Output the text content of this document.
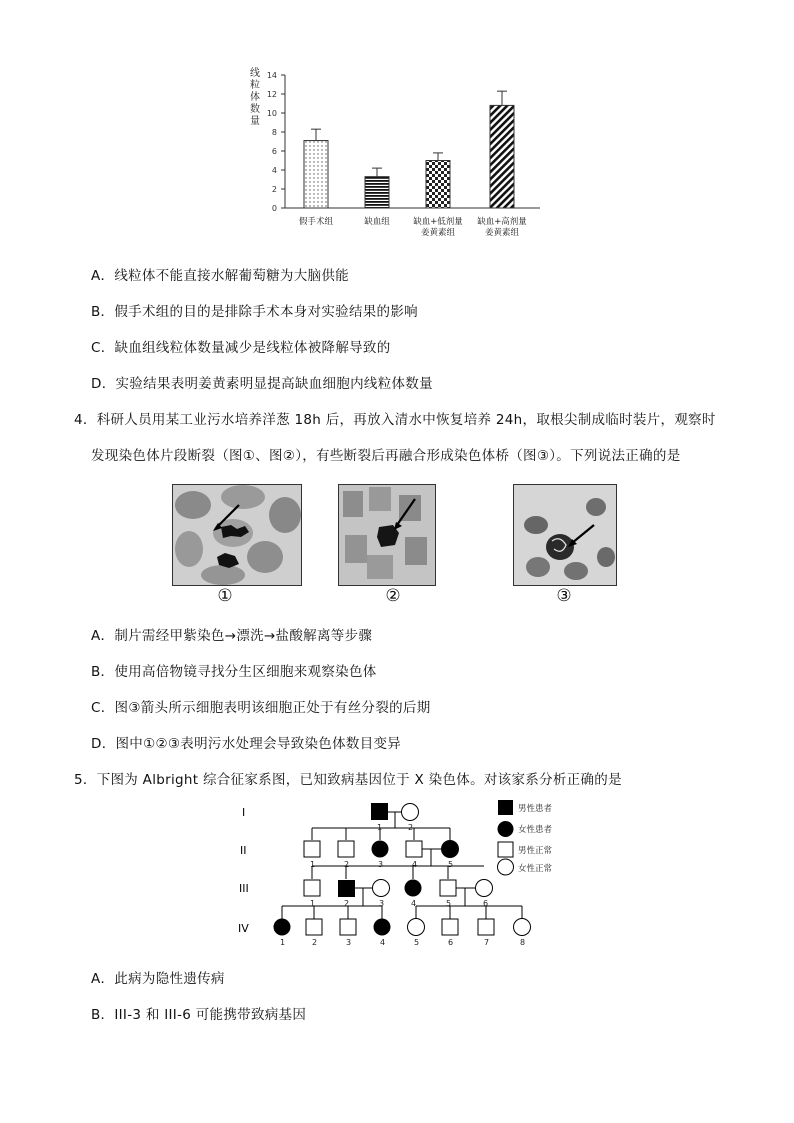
线
粒
体
数
量
0
2
4
6
8
10
12
14
假手术组	缺血组	缺血+低剂量
姜黄素组
缺血+高剂量
姜黄素组
A．线粒体不能直接水解葡萄糖为大脑供能
B．假手术组的目的是排除手术本身对实验结果的影响
C．缺血组线粒体数量减少是线粒体被降解导致的
D．实验结果表明姜黄素明显提高缺血细胞内线粒体数量
4．科研人员用某工业污水培养洋葱 18h 后，再放入清水中恢复培养 24h，取根尖制成临时装片，观察时
发现染色体片段断裂（图①、图②），有些断裂后再融合形成染色体桥（图③）。下列说法正确的是
①	②	③
A．制片需经甲紫染色→漂洗→盐酸解离等步骤
B．使用高倍物镜寻找分生区细胞来观察染色体
C．图③箭头所示细胞表明该细胞正处于有丝分裂的后期
D．图中①②③表明污水处理会导致染色体数目变异
5．下图为 Albright 综合征家系图，已知致病基因位于 X 染色体。对该家系分析正确的是
I
II
III
IV
1	2
1	2	3	4	5
1	2	3	4	5	6
1	2	3	4	5	6	7	8
男性患者
女性患者
男性正常
女性正常
A．此病为隐性遗传病
B．III-3 和 III-6 可能携带致病基因
